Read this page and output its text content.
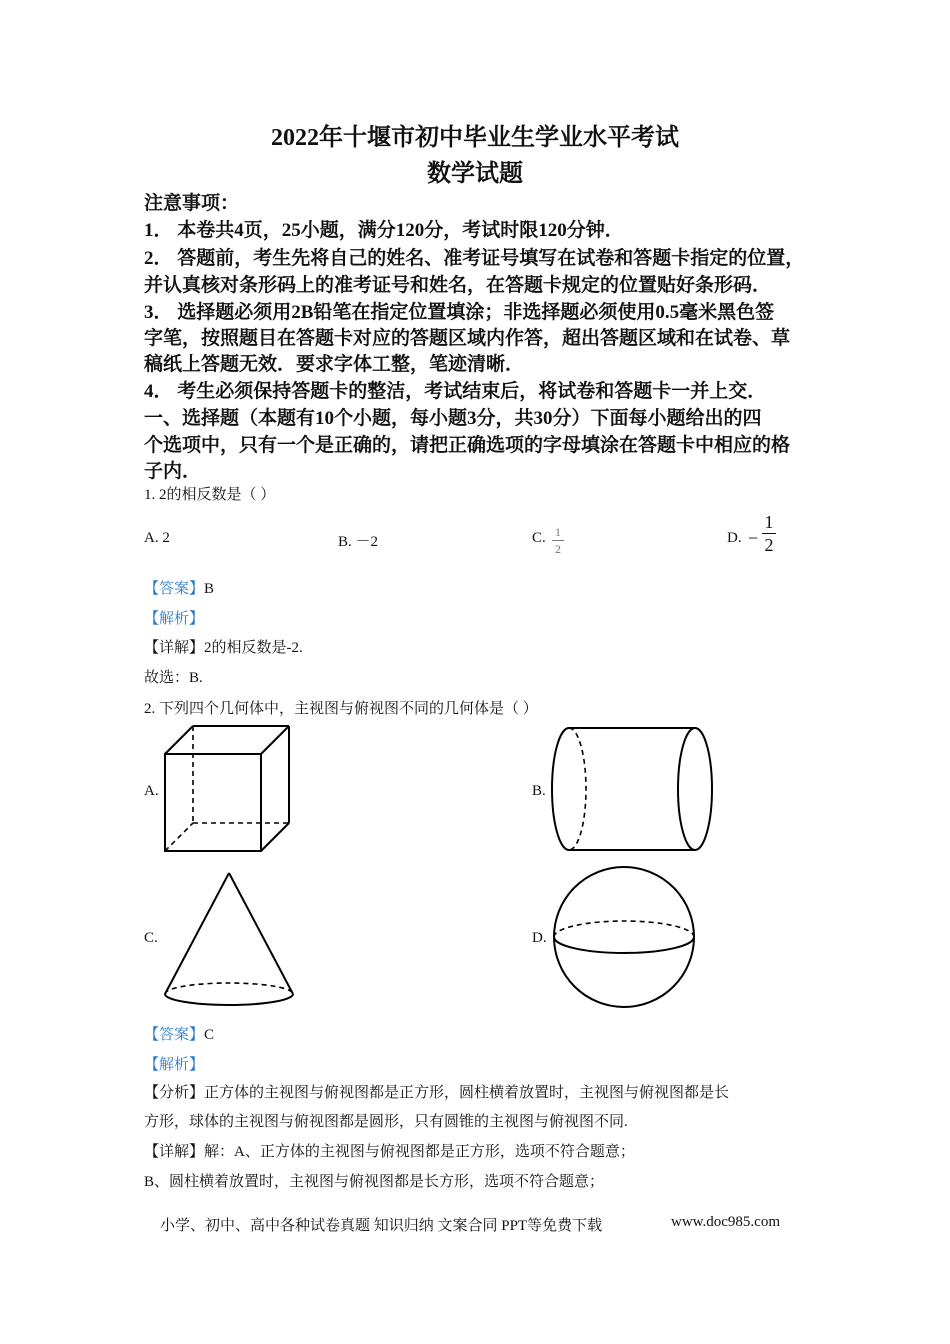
2022年十堰市初中毕业生学业水平考试
数学试题
注意事项：
1． 本卷共4页，25小题，满分120分，考试时限120分钟．
2． 答题前，考生先将自己的姓名、准考证号填写在试卷和答题卡指定的位置，
并认真核对条形码上的准考证号和姓名，在答题卡规定的位置贴好条形码．
3． 选择题必须用2B铅笔在指定位置填涂；非选择题必须使用0.5毫米黑色签
字笔，按照题目在答题卡对应的答题区域内作答，超出答题区域和在试卷、草
稿纸上答题无效．要求字体工整，笔迹清晰．
4． 考生必须保持答题卡的整洁，考试结束后，将试卷和答题卡一并上交．
一、选择题（本题有10个小题，每小题3分，共30分）下面每小题给出的四
个选项中，只有一个是正确的，请把正确选项的字母填涂在答题卡中相应的格
子内．
1. 2的相反数是（ ）
A. 2	B. －2	C. 1
2
D. −
1
2
【答案】B
【解析】
【详解】2的相反数是-2.
故选：B.
2. 下列四个几何体中，主视图与俯视图不同的几何体是（ ）
A.	B.
C.	D.
【答案】C
【解析】
【分析】正方体的主视图与俯视图都是正方形，圆柱横着放置时，主视图与俯视图都是长
方形，球体的主视图与俯视图都是圆形，只有圆锥的主视图与俯视图不同.
【详解】解：A、正方体的主视图与俯视图都是正方形，选项不符合题意；
B、圆柱横着放置时，主视图与俯视图都是长方形，选项不符合题意；
小学、初中、高中各种试卷真题 知识归纳 文案合同 PPT等免费下载	www.doc985.com
